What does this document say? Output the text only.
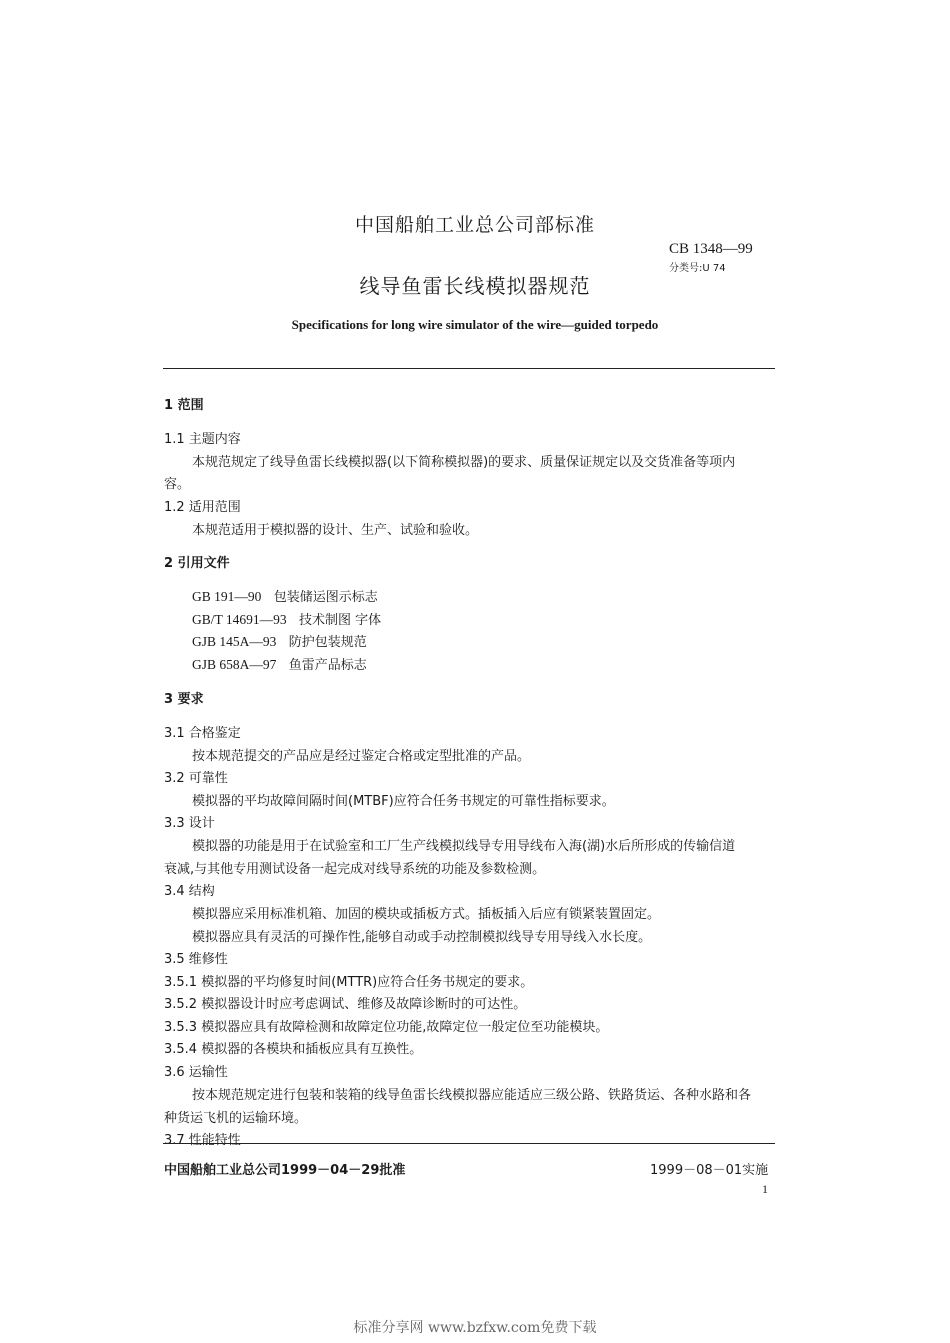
中国船舶工业总公司部标准
CB 1348—99
分类号:U 74
线导鱼雷长线模拟器规范
Specifications for long wire simulator of the wire—guided torpedo
1 范围
1.1 主题内容
本规范规定了线导鱼雷长线模拟器(以下简称模拟器)的要求、质量保证规定以及交货准备等项内
容。
1.2 适用范围
本规范适用于模拟器的设计、生产、试验和验收。
2 引用文件
GB 191—90 包装储运图示标志
GB/T 14691—93 技术制图 字体
GJB 145A—93 防护包装规范
GJB 658A—97 鱼雷产品标志
3 要求
3.1 合格鉴定
按本规范提交的产品应是经过鉴定合格或定型批准的产品。
3.2 可靠性
模拟器的平均故障间隔时间(MTBF)应符合任务书规定的可靠性指标要求。
3.3 设计
模拟器的功能是用于在试验室和工厂生产线模拟线导专用导线布入海(湖)水后所形成的传输信道
衰减,与其他专用测试设备一起完成对线导系统的功能及参数检测。
3.4 结构
模拟器应采用标准机箱、加固的模块或插板方式。插板插入后应有锁紧装置固定。
模拟器应具有灵活的可操作性,能够自动或手动控制模拟线导专用导线入水长度。
3.5 维修性
3.5.1 模拟器的平均修复时间(MTTR)应符合任务书规定的要求。
3.5.2 模拟器设计时应考虑调试、维修及故障诊断时的可达性。
3.5.3 模拟器应具有故障检测和故障定位功能,故障定位一般定位至功能模块。
3.5.4 模拟器的各模块和插板应具有互换性。
3.6 运输性
按本规范规定进行包装和装箱的线导鱼雷长线模拟器应能适应三级公路、铁路货运、各种水路和各
种货运飞机的运输环境。
3.7 性能特性
中国船舶工业总公司1999－04－29批准	1999－08－01实施
1
标准分享网 www.bzfxw.com免费下载
